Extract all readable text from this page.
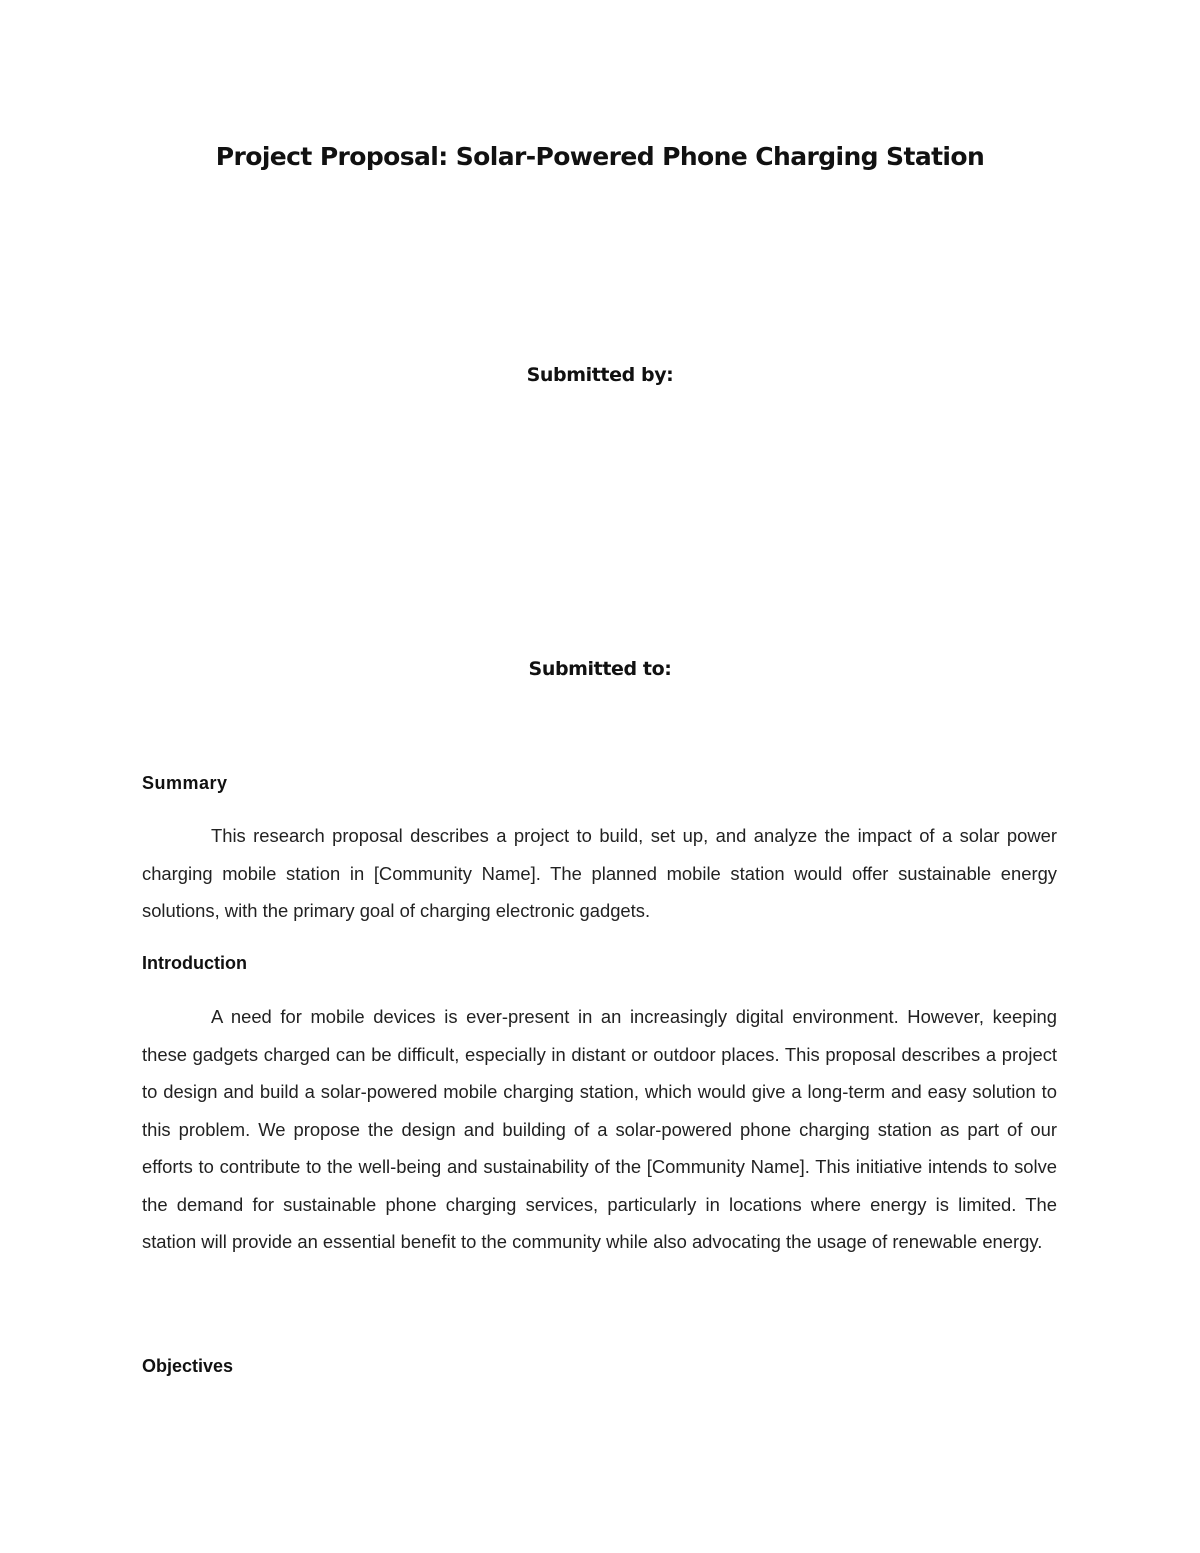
Project Proposal: Solar-Powered Phone Charging Station

Submitted by:

Submitted to:

Summary

This research proposal describes a project to build, set up, and analyze the impact of a solar power charging mobile station in [Community Name]. The planned mobile station would offer sustainable energy solutions, with the primary goal of charging electronic gadgets.

Introduction

A need for mobile devices is ever-present in an increasingly digital environment. However, keeping these gadgets charged can be difficult, especially in distant or outdoor places. This proposal describes a project to design and build a solar-powered mobile charging station, which would give a long-term and easy solution to this problem. We propose the design and building of a solar-powered phone charging station as part of our efforts to contribute to the well-being and sustainability of the [Community Name]. This initiative intends to solve the demand for sustainable phone charging services, particularly in locations where energy is limited. The station will provide an essential benefit to the community while also advocating the usage of renewable energy.

Objectives
